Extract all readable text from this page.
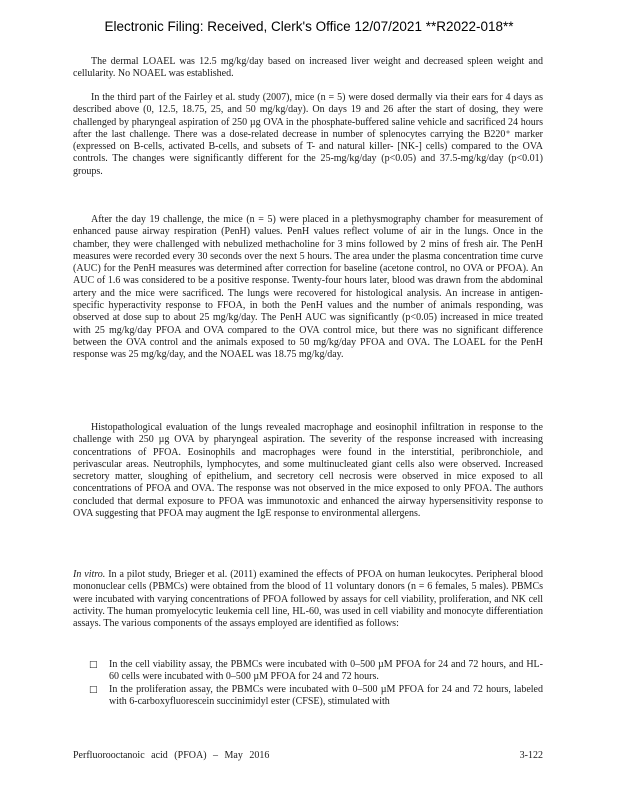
Electronic Filing: Received, Clerk's Office 12/07/2021 **R2022-018**

The dermal LOAEL was 12.5 mg/kg/day based on increased liver weight and decreased spleen weight and cellularity. No NOAEL was established.

In the third part of the Fairley et al. study (2007), mice (n = 5) were dosed dermally via their ears for 4 days as described above (0, 12.5, 18.75, 25, and 50 mg/kg/day). On days 19 and 26 after the start of dosing, they were challenged by pharyngeal aspiration of 250 µg OVA in the phosphate-buffered saline vehicle and sacrificed 24 hours after the last challenge. There was a dose-related decrease in number of splenocytes carrying the B220⁺ marker (expressed on B-cells, activated B-cells, and subsets of T- and natural killer- [NK-] cells) compared to the OVA controls. The changes were significantly different for the 25-mg/kg/day (p<0.05) and 37.5-mg/kg/day (p<0.01) groups.

After the day 19 challenge, the mice (n = 5) were placed in a plethysmography chamber for measurement of enhanced pause airway respiration (PenH) values. PenH values reflect volume of air in the lungs. Once in the chamber, they were challenged with nebulized methacholine for 3 mins followed by 2 mins of fresh air. The PenH measures were recorded every 30 seconds over the next 5 hours. The area under the plasma concentration time curve (AUC) for the PenH measures was determined after correction for baseline (acetone control, no OVA or PFOA). An AUC of 1.6 was considered to be a positive response. Twenty-four hours later, blood was drawn from the abdominal artery and the mice were sacrificed. The lungs were recovered for histological analysis. An increase in antigen-specific hyperactivity response to FFOA, in both the PenH values and the number of animals responding, was observed at dose sup to about 25 mg/kg/day. The PenH AUC was significantly (p<0.05) increased in mice treated with 25 mg/kg/day PFOA and OVA compared to the OVA control mice, but there was no significant difference between the OVA control and the animals exposed to 50 mg/kg/day PFOA and OVA. The LOAEL for the PenH response was 25 mg/kg/day, and the NOAEL was 18.75 mg/kg/day.

Histopathological evaluation of the lungs revealed macrophage and eosinophil infiltration in response to the challenge with 250 µg OVA by pharyngeal aspiration. The severity of the response increased with increasing concentrations of PFOA. Eosinophils and macrophages were found in the interstitial, peribronchiole, and perivascular areas. Neutrophils, lymphocytes, and some multinucleated giant cells also were observed. Increased secretory matter, sloughing of epithelium, and secretory cell necrosis were observed in mice exposed to all concentrations of PFOA and OVA. The response was not observed in the mice exposed to only PFOA. The authors concluded that dermal exposure to PFOA was immunotoxic and enhanced the airway hypersensitivity response to OVA suggesting that PFOA may augment the IgE response to environmental allergens.

In vitro. In a pilot study, Brieger et al. (2011) examined the effects of PFOA on human leukocytes. Peripheral blood mononuclear cells (PBMCs) were obtained from the blood of 11 voluntary donors (n = 6 females, 5 males). PBMCs were incubated with varying concentrations of PFOA followed by assays for cell viability, proliferation, and NK cell activity. The human promyelocytic leukemia cell line, HL-60, was used in cell viability and monocyte differentiation assays. The various components of the assays employed are identified as follows:

□ In the cell viability assay, the PBMCs were incubated with 0–500 µM PFOA for 24 and 72 hours, and HL-60 cells were incubated with 0–500 µM PFOA for 24 and 72 hours.
□ In the proliferation assay, the PBMCs were incubated with 0–500 µM PFOA for 24 and 72 hours, labeled with 6-carboxyfluorescein succinimidyl ester (CFSE), stimulated with
Perfluorooctanoic acid (PFOA) – May 2016	3-122
